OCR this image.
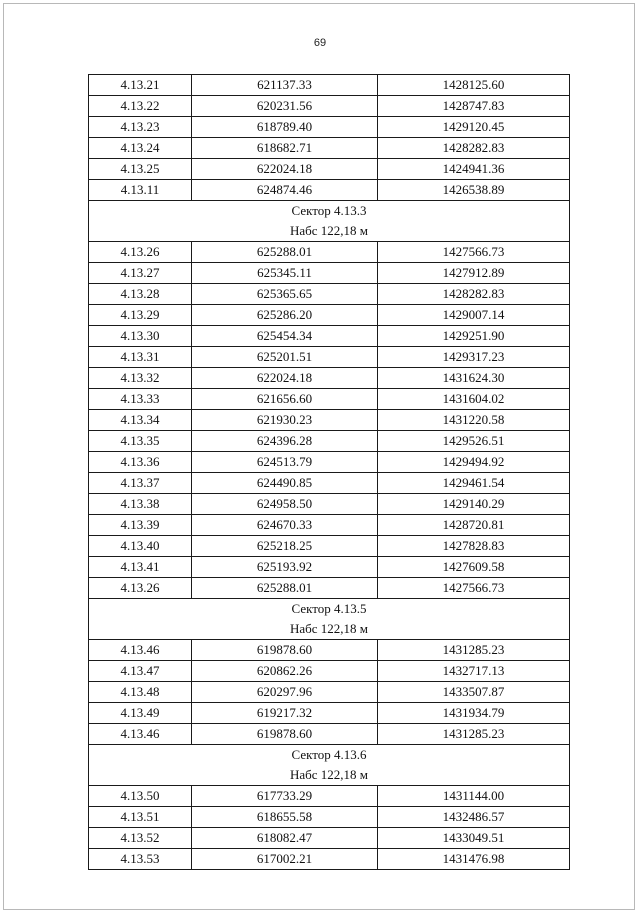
69
4.13.21	621137.33	1428125.60
4.13.22	620231.56	1428747.83
4.13.23	618789.40	1429120.45
4.13.24	618682.71	1428282.83
4.13.25	622024.18	1424941.36
4.13.11	624874.46	1426538.89

Сектор 4.13.3
Набс 122,18 м		

4.13.26	625288.01	1427566.73
4.13.27	625345.11	1427912.89
4.13.28	625365.65	1428282.83
4.13.29	625286.20	1429007.14
4.13.30	625454.34	1429251.90
4.13.31	625201.51	1429317.23
4.13.32	622024.18	1431624.30
4.13.33	621656.60	1431604.02
4.13.34	621930.23	1431220.58
4.13.35	624396.28	1429526.51
4.13.36	624513.79	1429494.92
4.13.37	624490.85	1429461.54
4.13.38	624958.50	1429140.29
4.13.39	624670.33	1428720.81
4.13.40	625218.25	1427828.83
4.13.41	625193.92	1427609.58
4.13.26	625288.01	1427566.73

Сектор 4.13.5
Набс 122,18 м		

4.13.46	619878.60	1431285.23
4.13.47	620862.26	1432717.13
4.13.48	620297.96	1433507.87
4.13.49	619217.32	1431934.79
4.13.46	619878.60	1431285.23

Сектор 4.13.6
Набс 122,18 м		

4.13.50	617733.29	1431144.00
4.13.51	618655.58	1432486.57
4.13.52	618082.47	1433049.51
4.13.53	617002.21	1431476.98
